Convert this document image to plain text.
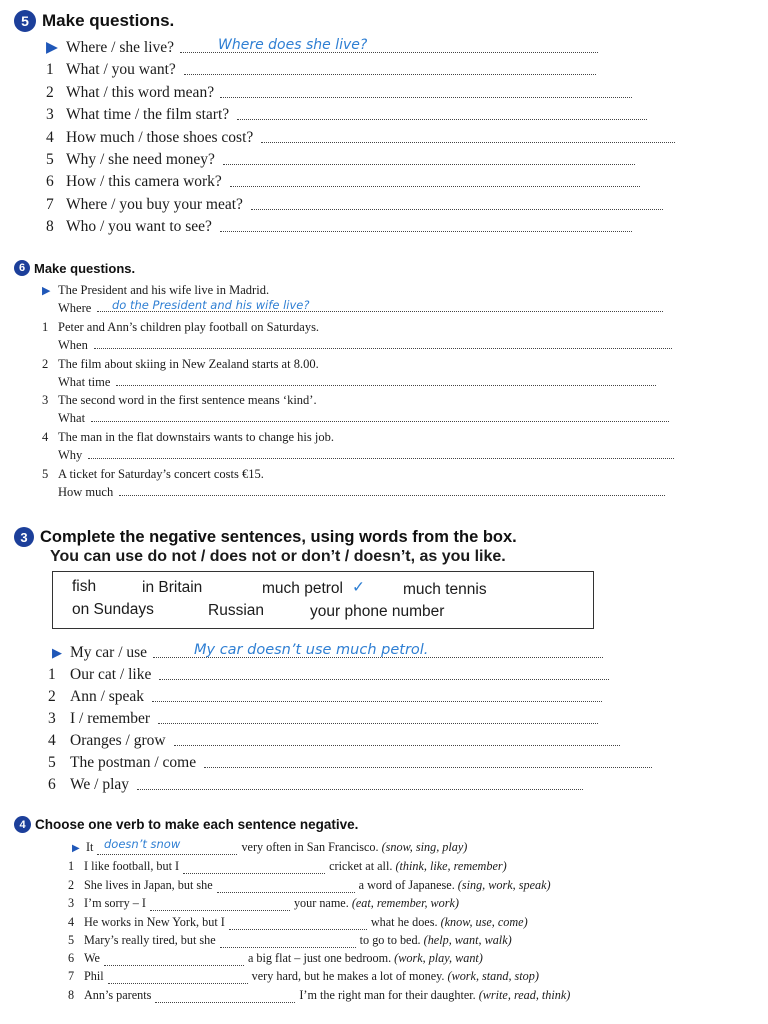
5 Make questions.
▶ Where / she live?	Where does she live?
1 What / you want?
2 What / this word mean?
3 What time / the film start?
4 How much / those shoes cost?
5 Why / she need money?
6 How / this camera work?
7 Where / you buy your meat?
8 Who / you want to see?
6 Make questions.
▶ The President and his wife live in Madrid.
Where do the President and his wife live?
1 Peter and Ann’s children play football on Saturdays.
When
2 The film about skiing in New Zealand starts at 8.00.
What time
3 The second word in the first sentence means ‘kind’.
What
4 The man in the flat downstairs wants to change his job.
Why
5 A ticket for Saturday’s concert costs €15.
How much
3 Complete the negative sentences, using words from the box.
You can use do not / does not or don’t / doesn’t, as you like.
fish	in Britain	much petrol ✓ much tennis
on Sundays	Russian	your phone number
▶ My car / use	My car doesn’t use much petrol.
1 Our cat / like
2 Ann / speak
3 I / remember
4 Oranges / grow
5 The postman / come
6 We / play
4 Choose one verb to make each sentence negative.
▶ It	very often in San Francisco.
(snow, sing, play)
doesn’t snow
1 I like football, but I	cricket at all.
(think, like, remember)
2 She lives in Japan, but she	a word of Japanese.
(sing, work, speak)
3 I’m sorry – I	your name.
(eat, remember, work)
4 He works in New York, but I	what he does.
(know, use, come)
5 Mary’s really tired, but she	to go to bed.
(help, want, walk)
6 We	a big flat – just one bedroom.
(work, play, want)
7 Phil	very hard, but he makes a lot of money.
(work, stand, stop)
8 Ann’s parents	I’m the right man for their daughter.
(write, read, think)
